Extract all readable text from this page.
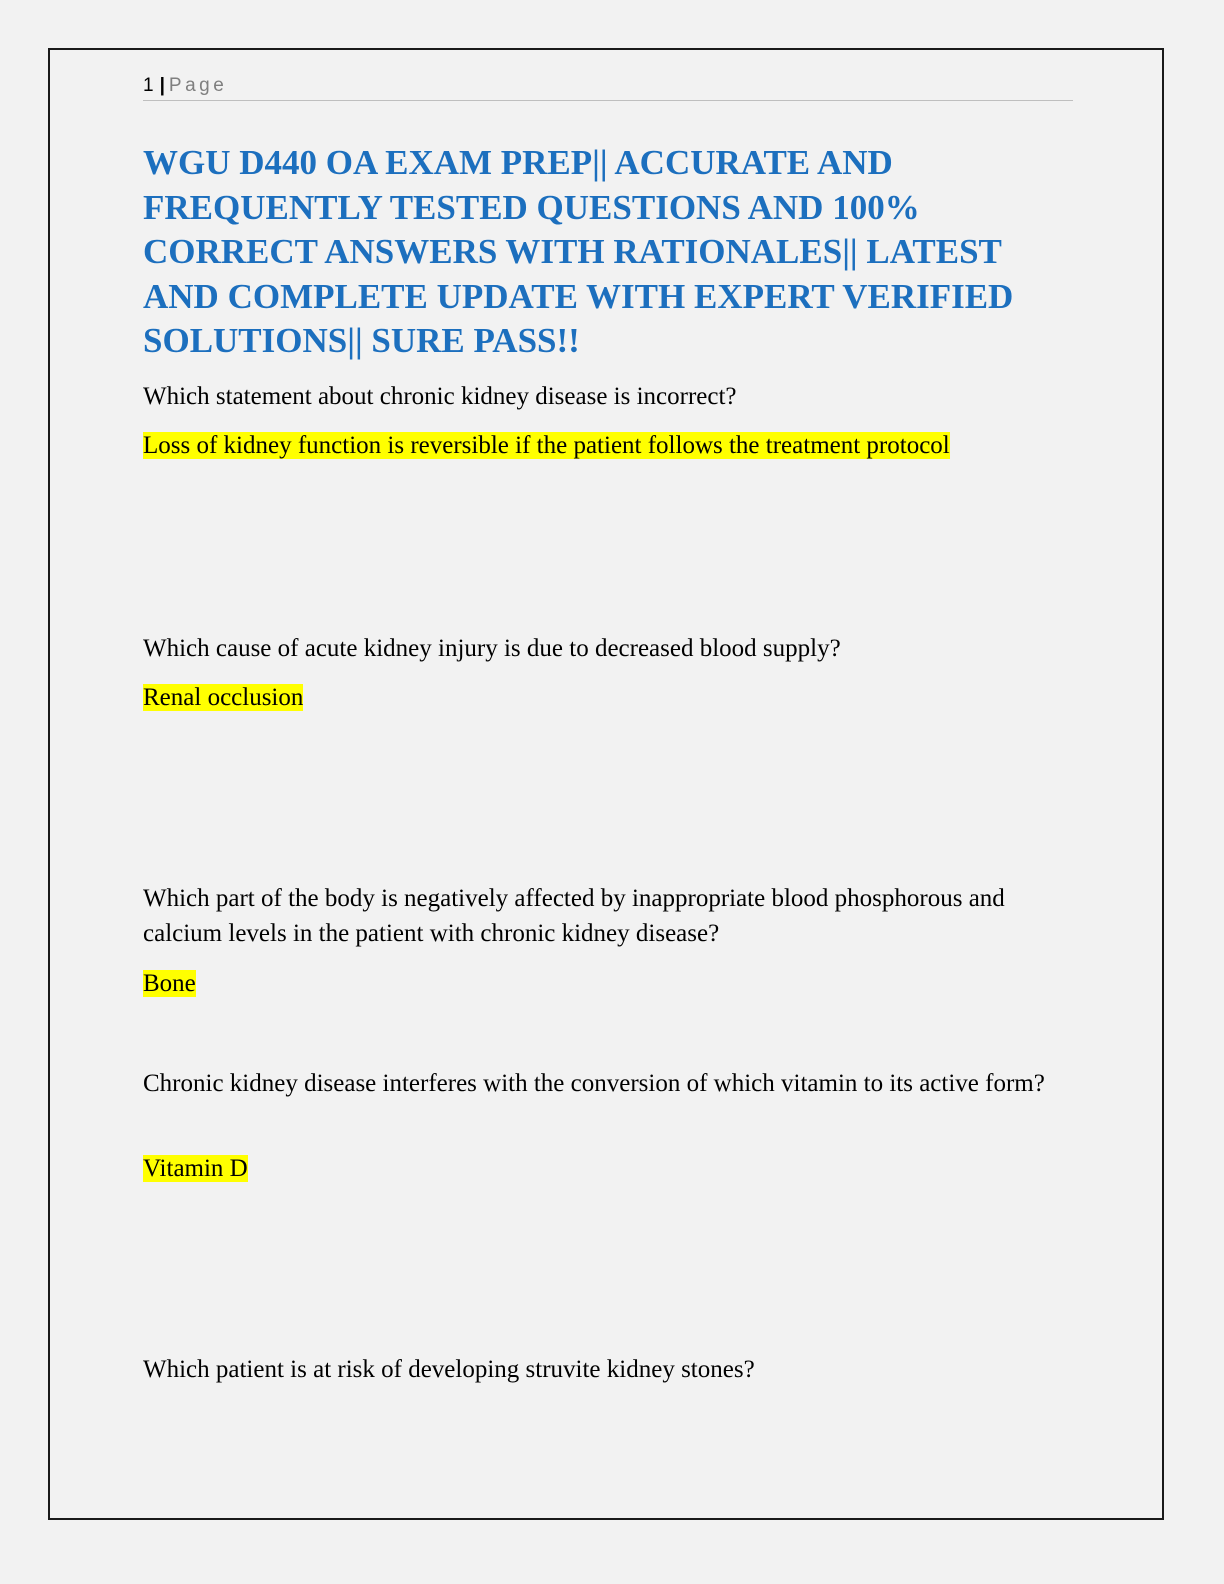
1 | Page
WGU D440 OA EXAM PREP|| ACCURATE AND FREQUENTLY TESTED QUESTIONS AND 100% CORRECT ANSWERS WITH RATIONALES|| LATEST AND COMPLETE UPDATE WITH EXPERT VERIFIED SOLUTIONS|| SURE PASS!!

Which statement about chronic kidney disease is incorrect?

Loss of kidney function is reversible if the patient follows the treatment protocol

Which cause of acute kidney injury is due to decreased blood supply?

Renal occlusion

Which part of the body is negatively affected by inappropriate blood phosphorous and calcium levels in the patient with chronic kidney disease?

Bone

Chronic kidney disease interferes with the conversion of which vitamin to its active form?

Vitamin D

Which patient is at risk of developing struvite kidney stones?
